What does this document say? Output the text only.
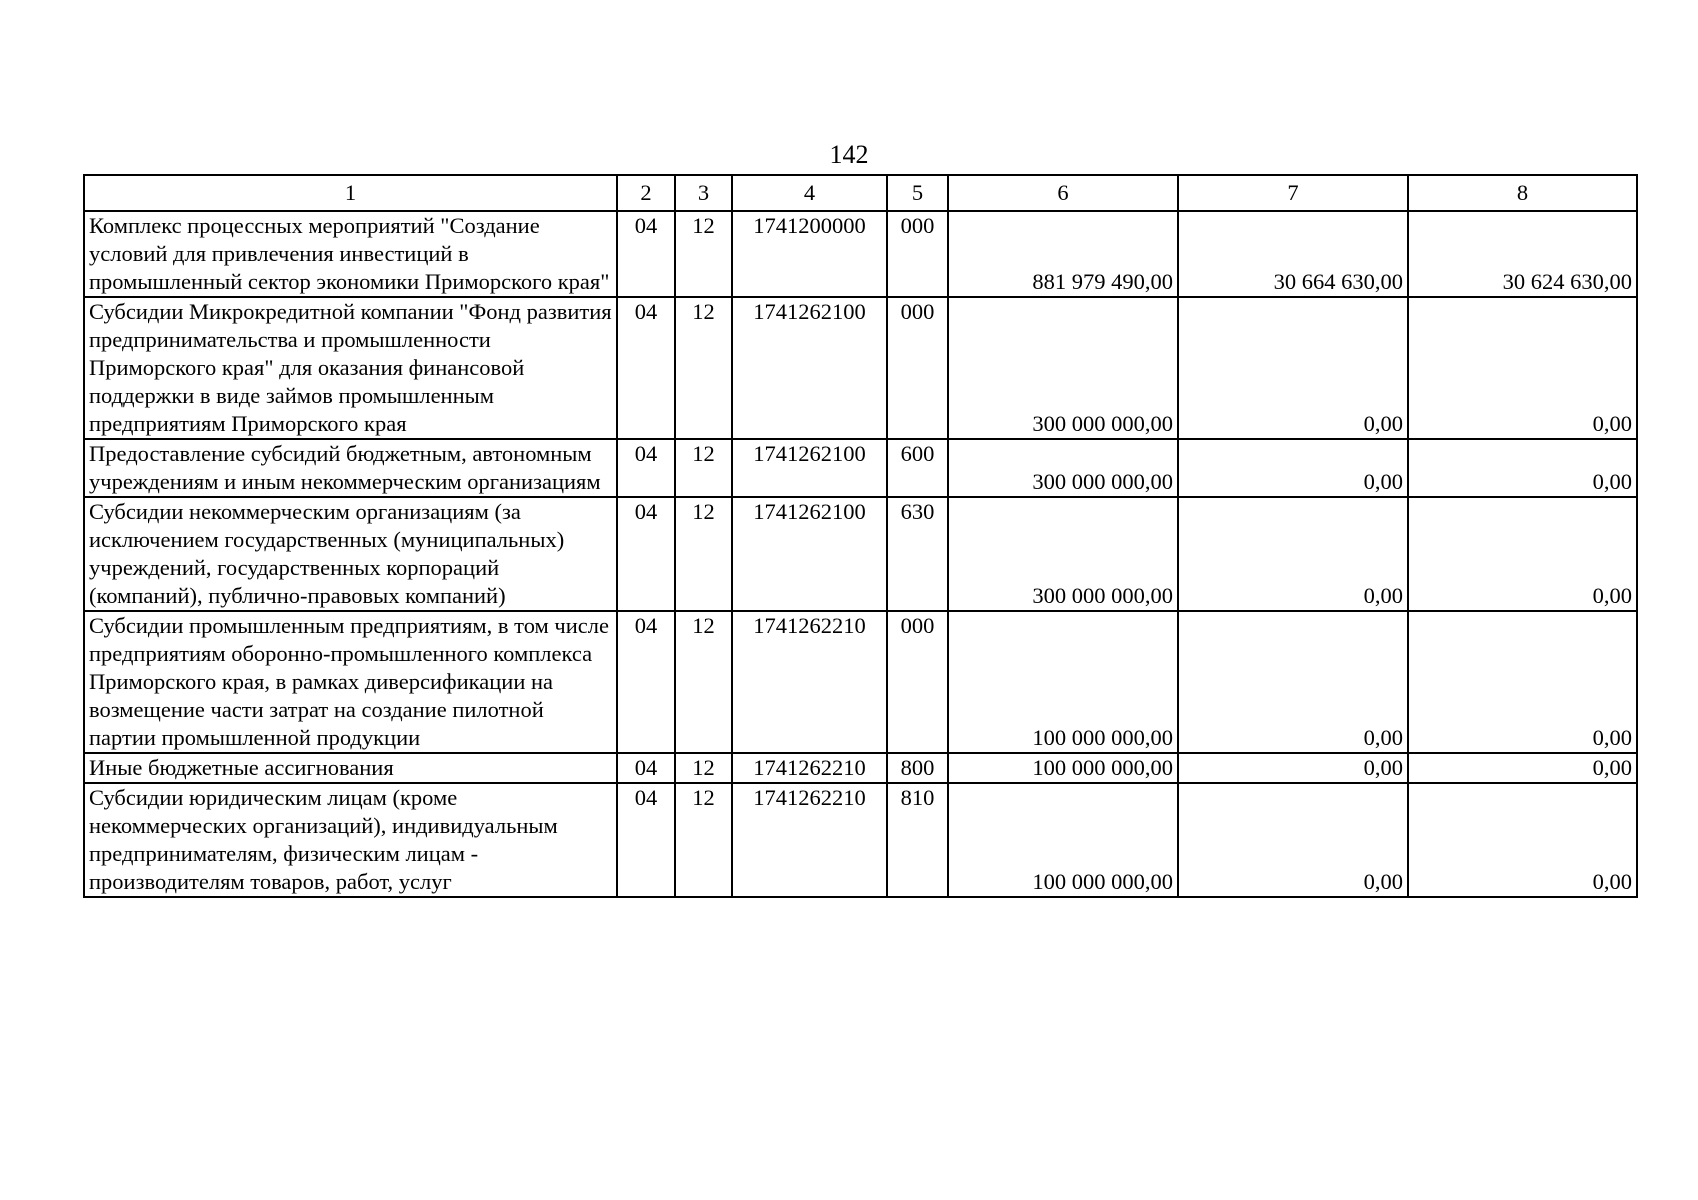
142
1	2	3	4	5	6	7	8
Комплекс процессных мероприятий "Создание условий для привлечения инвестиций в промышленный сектор экономики Приморского края"	04	12	1741200000	000	881 979 490,00	30 664 630,00	30 624 630,00
Субсидии Микрокредитной компании "Фонд развития предпринимательства и промышленности Приморского края" для оказания финансовой поддержки в виде займов промышленным предприятиям Приморского края	04	12	1741262100	000	300 000 000,00	0,00	0,00
Предоставление субсидий бюджетным, автономным учреждениям и иным некоммерческим организациям	04	12	1741262100	600	300 000 000,00	0,00	0,00
Субсидии некоммерческим организациям (за исключением государственных (муниципальных) учреждений, государственных корпораций (компаний), публично-правовых компаний)	04	12	1741262100	630	300 000 000,00	0,00	0,00
Субсидии промышленным предприятиям, в том числе предприятиям оборонно-промышленного комплекса Приморского края, в рамках диверсификации на возмещение части затрат на создание пилотной партии промышленной продукции	04	12	1741262210	000	100 000 000,00	0,00	0,00
Иные бюджетные ассигнования	04	12	1741262210	800	100 000 000,00	0,00	0,00
Субсидии юридическим лицам (кроме некоммерческих организаций), индивидуальным предпринимателям, физическим лицам - производителям товаров, работ, услуг	04	12	1741262210	810	100 000 000,00	0,00	0,00
